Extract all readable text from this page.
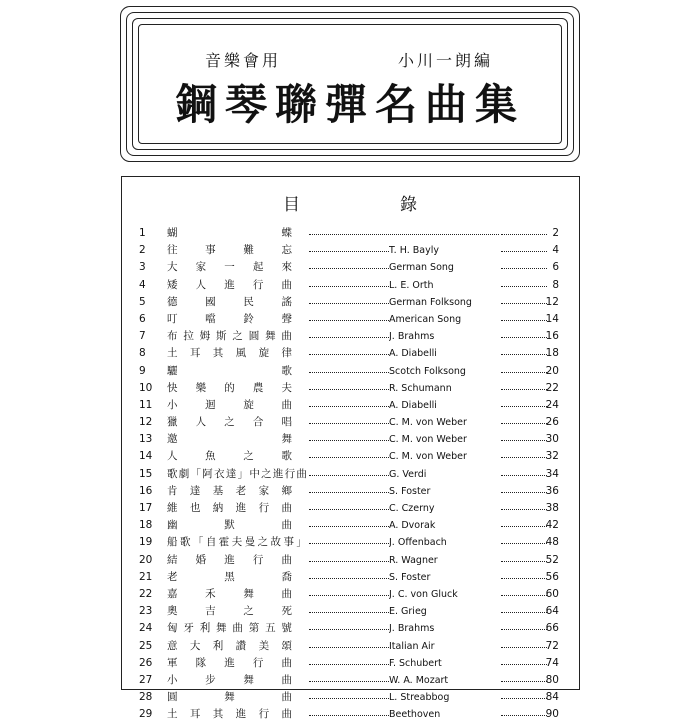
音樂會用	小川一朗編
鋼琴聯彈名曲集
目錄
1	蝴	蝶	2
2	往	事	難	忘	T. H. Bayly	4
3	大 家 一 起 來	German Song	6
4	矮 人 進 行 曲	L. E. Orth	8
5	德	國	民	謠	German Folksong	12
6	叮	噹	鈴	聲	American Song	14
7	布 拉 姆 斯 之 圓 舞 曲	J. Brahms	16
8	土 耳 其 風 旋 律	A. Diabelli	18
9	驪	歌	Scotch Folksong	20
10	快 樂 的 農 夫	R. Schumann	22
11	小	迴	旋	曲	A. Diabelli	24
12	獵 人 之 合 唱	C. M. von Weber	26
13	邀	舞	C. M. von Weber	30
14	人	魚	之	歌	C. M. von Weber	32
15	歌 劇 「 阿 衣 達 」 中 之 進 行 曲	G. Verdi	34
16	肯 達 基 老 家 鄉	S. Foster	36
17	維 也 納 進 行 曲	C. Czerny	38
18	幽	默	曲	A. Dvorak	42
19	船 歌 「 自 霍 夫 曼 之 故 事 」	J. Offenbach	48
20	結 婚 進 行 曲	R. Wagner	52
21	老	黑	喬	S. Foster	56
22	嘉	禾	舞	曲	J. C. von Gluck	60
23	奧	吉	之	死	E. Grieg	64
24	匈 牙 利 舞 曲 第 五 號	J. Brahms	66
25	意 大 利 讚 美 頌	Italian Air	72
26	軍 隊 進 行 曲	F. Schubert	74
27	小	步	舞	曲	W. A. Mozart	80
28	圓	舞	曲	L. Streabbog	84
29	土 耳 其 進 行 曲	Beethoven	90
